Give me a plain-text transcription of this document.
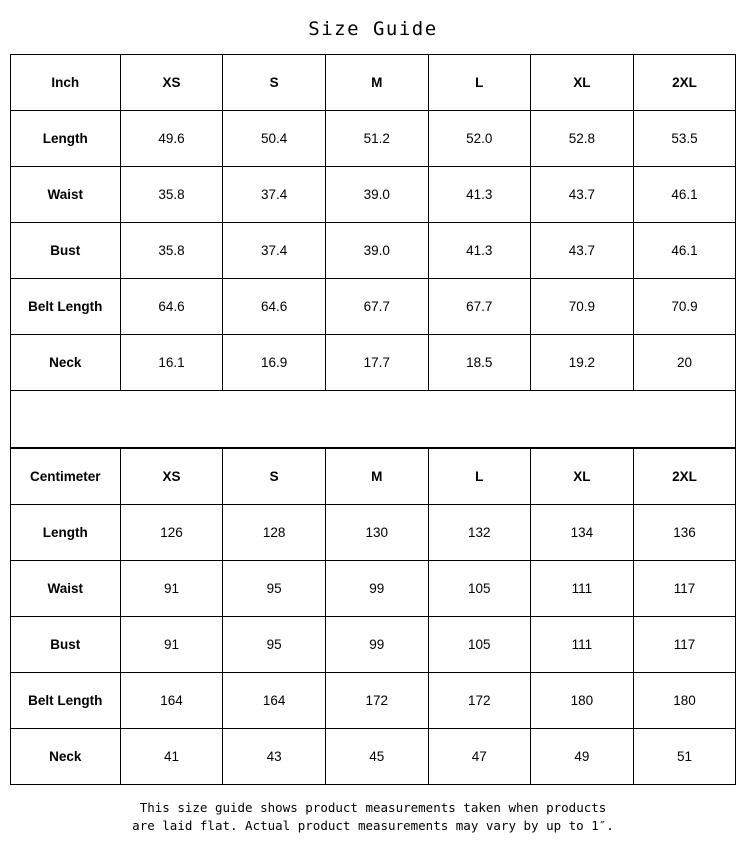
Size Guide
Inch	XS	S	M	L	XL	2XL
Length	49.6	50.4	51.2	52.0	52.8	53.5
Waist	35.8	37.4	39.0	41.3	43.7	46.1
Bust	35.8	37.4	39.0	41.3	43.7	46.1
Belt Length	64.6	64.6	67.7	67.7	70.9	70.9
Neck	16.1	16.9	17.7	18.5	19.2	20
Centimeter	XS	S	M	L	XL	2XL
Length	126	128	130	132	134	136
Waist	91	95	99	105	111	117
Bust	91	95	99	105	111	117
Belt Length	164	164	172	172	180	180
Neck	41	43	45	47	49	51
This size guide shows product measurements taken when products
are laid flat. Actual product measurements may vary by up to 1″.
